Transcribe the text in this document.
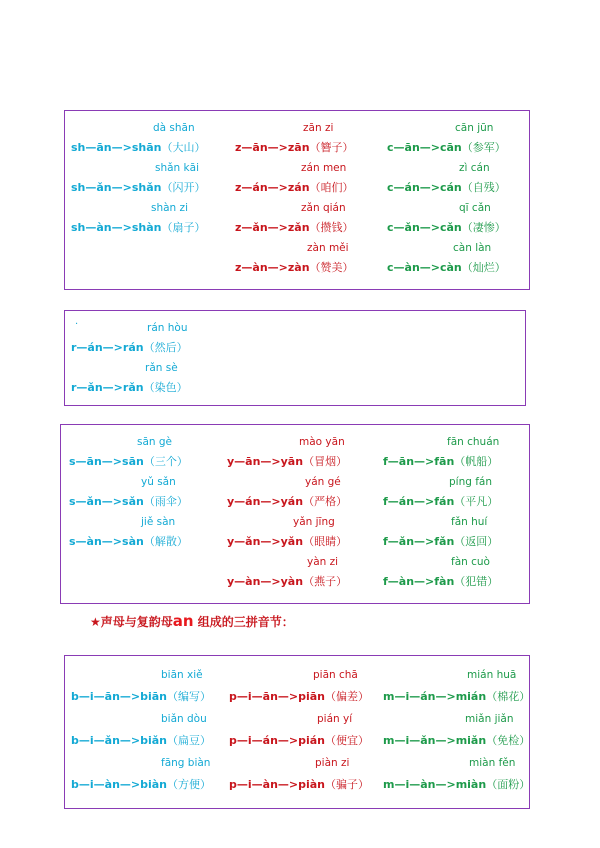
dà shān
sh—ān—>shān（大山）
shǎn kāi
sh—ǎn—>shǎn（闪开）
shàn zi
sh—àn—>shàn（扇子）
zān zi
z—ān—>zān（簪子）
zán men
z—án—>zán（咱们）
zǎn qián
z—ǎn—>zǎn（攒钱）
zàn měi
z—àn—>zàn（赞美）
cān jūn
c—ān—>cān（参军）
zì cán
c—án—>cán（自残）
qī cǎn
c—ǎn—>cǎn（凄惨）
càn làn
c—àn—>càn（灿烂）
·	rán hòu
r—án—>rán（然后）
rǎn sè
r—ǎn—>rǎn（染色）
sān gè
s—ān—>sān（三个）
yǔ sǎn
s—ǎn—>sǎn（雨伞）
jiě sàn
s—àn—>sàn（解散）
mào yān
y—ān—>yān（冒烟）
yán gé
y—án—>yán（严格）
yǎn jīng
y—ǎn—>yǎn（眼睛）
yàn zi
y—àn—>yàn（燕子）
fān chuán
f—ān—>fān（帆船）
píng fán
f—án—>fán（平凡）
fǎn huí
f—ǎn—>fǎn（返回）
fàn cuò
f—àn—>fàn（犯错）
★声母与复韵母an 组成的三拼音节：
biān xiě
b—i—ān—>biān（编写）
biǎn dòu
b—i—ǎn—>biǎn（扁豆）
fāng biàn
b—i—àn—>biàn（方便）
piān chā
p—i—ān—>piān（偏差）
pián yí
p—i—án—>pián（便宜）
piàn zi
p—i—àn—>piàn（骗子）
mián huā
m—i—án—>mián（棉花）
miǎn jiǎn
m—i—ǎn—>miǎn（免检）
miàn fěn
m—i—àn—>miàn（面粉）
